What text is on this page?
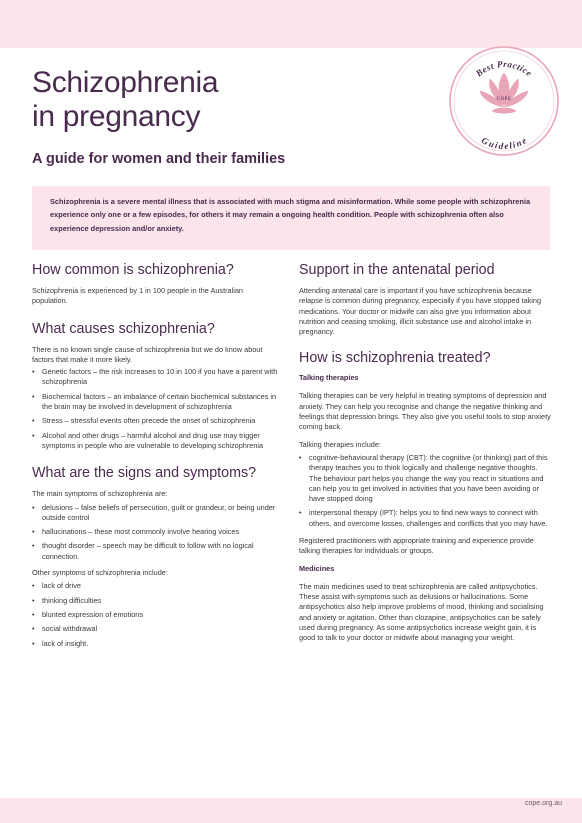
Schizophrenia
in pregnancy
A guide for women and their families
Best Practice
Guideline
COPE
Schizophrenia is a severe mental illness that is associated with much stigma and misinformation. While some people with schizophrenia experience only one or a few episodes, for others it may remain a ongoing health condition. People with schizophrenia often also experience depression and/or anxiety.
How common is schizophrenia?

Schizophrenia is experienced by 1 in 100 people in the Australian population.

What causes schizophrenia?

There is no known single cause of schizophrenia but we do know about factors that make it more likely.

• Genetic factors – the risk increases to 10 in 100 if you have a parent with schizophrenia
• Biochemical factors – an imbalance of certain biochemical substances in the brain may be involved in development of schizophrenia
• Stress – stressful events often precede the onset of schizophrenia
• Alcohol and other drugs – harmful alcohol and drug use may trigger symptoms in people who are vulnerable to developing schizophrenia
What are the signs and symptoms?

The main symptoms of schizophrenia are:

• delusions – false beliefs of persecution, guilt or grandeur, or being under outside control
• hallucinations – these most commonly involve hearing voices
• thought disorder – speech may be difficult to follow with no logical connection.

Other symptoms of schizophrenia include:

• lack of drive
• thinking difficulties
• blunted expression of emotions
• social withdrawal
• lack of insight.
Support in the antenatal period

Attending antenatal care is important if you have schizophrenia because relapse is common during pregnancy, especially if you have stopped taking medications. Your doctor or midwife can also give you information about nutrition and ceasing smoking, illicit substance use and alcohol intake in pregnancy.

How is schizophrenia treated?
Talking therapies

Talking therapies can be very helpful in treating symptoms of depression and anxiety. They can help you recognise and change the negative thinking and feelings that depression brings. They also give you useful tools to stop anxiety coming back.

Talking therapies include:

• cognitive-behavioural therapy (CBT): the cognitive (or thinking) part of this therapy teaches you to think logically and challenge negative thoughts. The behaviour part helps you change the way you react in situations and can help you to get involved in activities that you have been avoiding or have stopped doing
• interpersonal therapy (IPT): helps you to find new ways to connect with others, and overcome losses, challenges and conflicts that you may have.

Registered practitioners with appropriate training and experience provide talking therapies for individuals or groups.

Medicines

The main medicines used to treat schizophrenia are called antipsychotics. These assist with symptoms such as delusions or hallucinations. Some antipsychotics also help improve problems of mood, thinking and socialising and anxiety or agitation. Other than clozapine, antipsychotics can be safely used during pregnancy. As some antipsychotics increase weight gain, it is good to talk to your doctor or midwife about managing your weight.

cope.org.au
